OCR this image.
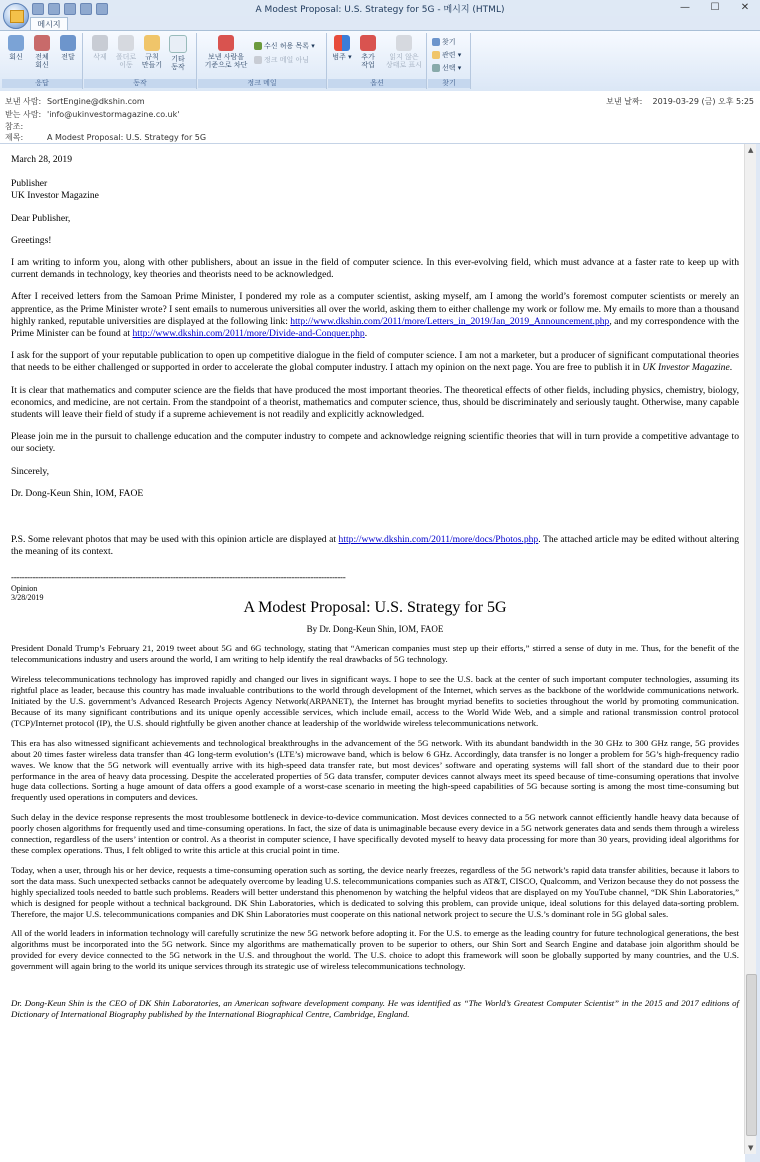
A Modest Proposal: U.S. Strategy for 5G - 메시지 (HTML)	—	☐	✕
메시지
회신	전체
회신
전달
응답
삭제	폴더로
이동
규칙
만들기
기타
동작
동작
보낸 사람을
기준으로 차단
수신 허용 목록 ▾
정크 메일 아님
정크 메일
범주 ▾	추가
작업
읽지 않은
상태로 표시
옵션
찾기
관련 ▾
선택 ▾
찾기
보낸 사람: SortEngine@dkshin.com
받는 사람: 'info@ukinvestormagazine.co.uk'
참조:
제목:	A Modest Proposal: U.S. Strategy for 5G
보낸 날짜: 2019-03-29 (금) 오후 5:25

March 28, 2019

Publisher

UK Investor Magazine

Dear Publisher,

Greetings!

I am writing to inform you, along with other publishers, about an issue in the field of computer science. In this ever-evolving field, which must advance at a faster rate to keep up with current demands in technology, key theories and theorists need to be acknowledged.

After I received letters from the Samoan Prime Minister, I pondered my role as a computer scientist, asking myself, am I among the world’s foremost computer scientists or merely an apprentice, as the Prime Minister wrote? I sent emails to numerous universities all over the world, asking them to either challenge my work or follow me. My emails to more than a thousand highly ranked, reputable universities are displayed at the following link: http://www.dkshin.com/2011/more/Letters_in_2019/Jan_2019_Announcement.php, and my correspondence with the Prime Minister can be found at http://www.dkshin.com/2011/more/Divide-and-Conquer.php.

I ask for the support of your reputable publication to open up competitive dialogue in the field of computer science. I am not a marketer, but a producer of significant computational theories that needs to be either challenged or supported in order to accelerate the global computer industry. I attach my opinion on the next page. You are free to publish it in UK Investor Magazine.

It is clear that mathematics and computer science are the fields that have produced the most important theories. The theoretical effects of other fields, including physics, chemistry, biology, economics, and medicine, are not certain. From the standpoint of a theorist, mathematics and computer science, thus, should be discriminately and seriously taught. Otherwise, many capable students will leave their field of study if a supreme achievement is not readily and explicitly acknowledged.

Please join me in the pursuit to challenge education and the computer industry to compete and acknowledge reigning scientific theories that will in turn provide a competitive advantage to our society.

Sincerely,

Dr. Dong-Keun Shin, IOM, FAOE

P.S. Some relevant photos that may be used with this opinion article are displayed at http://www.dkshin.com/2011/more/docs/Photos.php. The attached article may be edited without altering the meaning of its context.

----------------------------------------------------------------------------------------------------------------------------

Opinion

3/28/2019

A Modest Proposal: U.S. Strategy for 5G

By Dr. Dong-Keun Shin, IOM, FAOE

President Donald Trump’s February 21, 2019 tweet about 5G and 6G technology, stating that “American companies must step up their efforts,” stirred a sense of duty in me. Thus, for the benefit of the telecommunications industry and users around the world, I am writing to help identify the real drawbacks of 5G technology.

Wireless telecommunications technology has improved rapidly and changed our lives in significant ways. I hope to see the U.S. back at the center of such important computer technologies, assuming its rightful place as leader, because this country has made invaluable contributions to the world through development of the Internet, which serves as the backbone of the worldwide communications network. Initiated by the U.S. government’s Advanced Research Projects Agency Network(ARPANET), the Internet has brought myriad benefits to societies throughout the world by promoting communication. Because of its many significant contributions and its unique openly accessible services, which include email, access to the World Wide Web, and a simple and rational transmission control protocol (TCP)/Internet protocol (IP), the U.S. should rightfully be given another chance at leadership of the worldwide wireless telecommunications network.

This era has also witnessed significant achievements and technological breakthroughs in the advancement of the 5G network. With its abundant bandwidth in the 30 GHz to 300 GHz range, 5G provides about 20 times faster wireless data transfer than 4G long-term evolution’s (LTE’s) microwave band, which is below 6 GHz. Accordingly, data transfer is no longer a problem for 5G’s high-frequency radio waves. We know that the 5G network will eventually arrive with its high-speed data transfer rate, but most devices’ software and operating systems will fall short of the standard due to their poor performance in the area of heavy data processing. Despite the accelerated properties of 5G data transfer, computer devices cannot always meet its speed because of time-consuming operations that involve huge data collections. Sorting a huge amount of data offers a good example of a worst-case scenario in meeting the high-speed capabilities of 5G because sorting is among the most time-consuming but frequently used operations in computers and devices.

Such delay in the device response represents the most troublesome bottleneck in device-to-device communication. Most devices connected to a 5G network cannot efficiently handle heavy data because of poorly chosen algorithms for frequently used and time-consuming operations. In fact, the size of data is unimaginable because every device in a 5G network generates data and sends them through a wireless connection, regardless of the users’ intention or control. As a theorist in computer science, I have specifically devoted myself to heavy data processing for more than 30 years, providing ideal algorithms for these complex operations. Thus, I felt obliged to write this article at this crucial point in time.

Today, when a user, through his or her device, requests a time-consuming operation such as sorting, the device nearly freezes, regardless of the 5G network’s rapid data transfer abilities, because it labors to sort the data mass. Such unexpected setbacks cannot be adequately overcome by leading U.S. telecommunications companies such as AT&T, CISCO, Qualcomm, and Verizon because they do not possess the highly specialized tools needed to battle such problems. Readers will better understand this phenomenon by watching the helpful videos that are displayed on my YouTube channel, “DK Shin Laboratories,” which is designed for people without a technical background. DK Shin Laboratories, which is dedicated to solving this problem, can provide unique, ideal solutions for this delayed data-sorting problem. Therefore, the major U.S. telecommunications companies and DK Shin Laboratories must cooperate on this national network project to secure the U.S.’s dominant role in 5G global sales.

All of the world leaders in information technology will carefully scrutinize the new 5G network before adopting it. For the U.S. to emerge as the leading country for future technological generations, the best algorithms must be incorporated into the 5G network. Since my algorithms are mathematically proven to be superior to others, our Shin Sort and Search Engine and database join algorithm should be provided for every device connected to the 5G network in the U.S. and throughout the world. The U.S. choice to adopt this framework will soon be globally supported by many countries, and the U.S. government will again bring to the world its unique services through its strategic use of wireless telecommunications technology.

Dr. Dong-Keun Shin is the CEO of DK Shin Laboratories, an American software development company. He was identified as “The World’s Greatest Computer Scientist” in the 2015 and 2017 editions of Dictionary of International Biography published by the International Biographical Centre, Cambridge, England.

▲
▼
